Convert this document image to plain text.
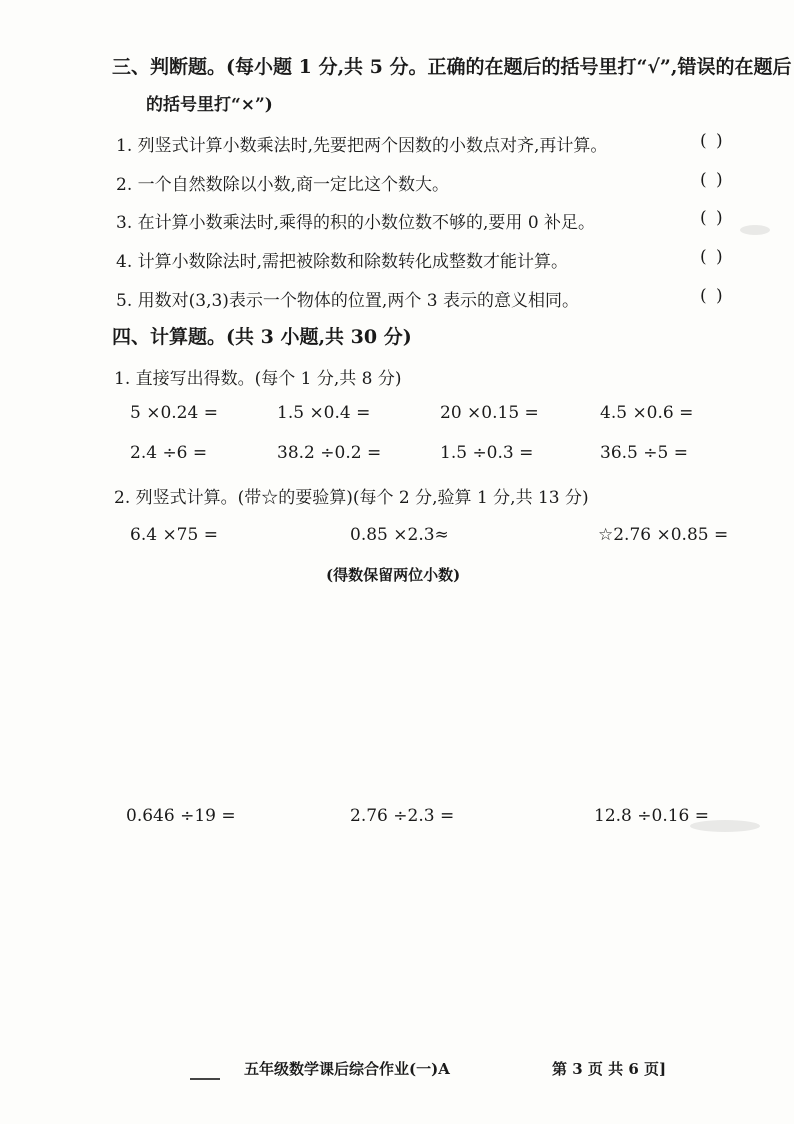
三、判断题。(每小题 1 分,共 5 分。正确的在题后的括号里打“√”,错误的在题后
的括号里打“×”)
1. 列竖式计算小数乘法时,先要把两个因数的小数点对齐,再计算。	( )
2. 一个自然数除以小数,商一定比这个数大。	( )
3. 在计算小数乘法时,乘得的积的小数位数不够的,要用 0 补足。	( )
4. 计算小数除法时,需把被除数和除数转化成整数才能计算。	( )
5. 用数对(3,3)表示一个物体的位置,两个 3 表示的意义相同。	( )
四、计算题。(共 3 小题,共 30 分)
1. 直接写出得数。(每个 1 分,共 8 分)
5 ×0.24 =	1.5 ×0.4 =	20 ×0.15 =	4.5 ×0.6 =
2.4 ÷6 =	38.2 ÷0.2 =	1.5 ÷0.3 =	36.5 ÷5 =
2. 列竖式计算。(带☆的要验算)(每个 2 分,验算 1 分,共 13 分)
6.4 ×75 =	0.85 ×2.3≈	☆2.76 ×0.85 =
(得数保留两位小数)
0.646 ÷19 =	2.76 ÷2.3 =	12.8 ÷0.16 =
五年级数学课后综合作业(一)A	第 3 页 共 6 页]
